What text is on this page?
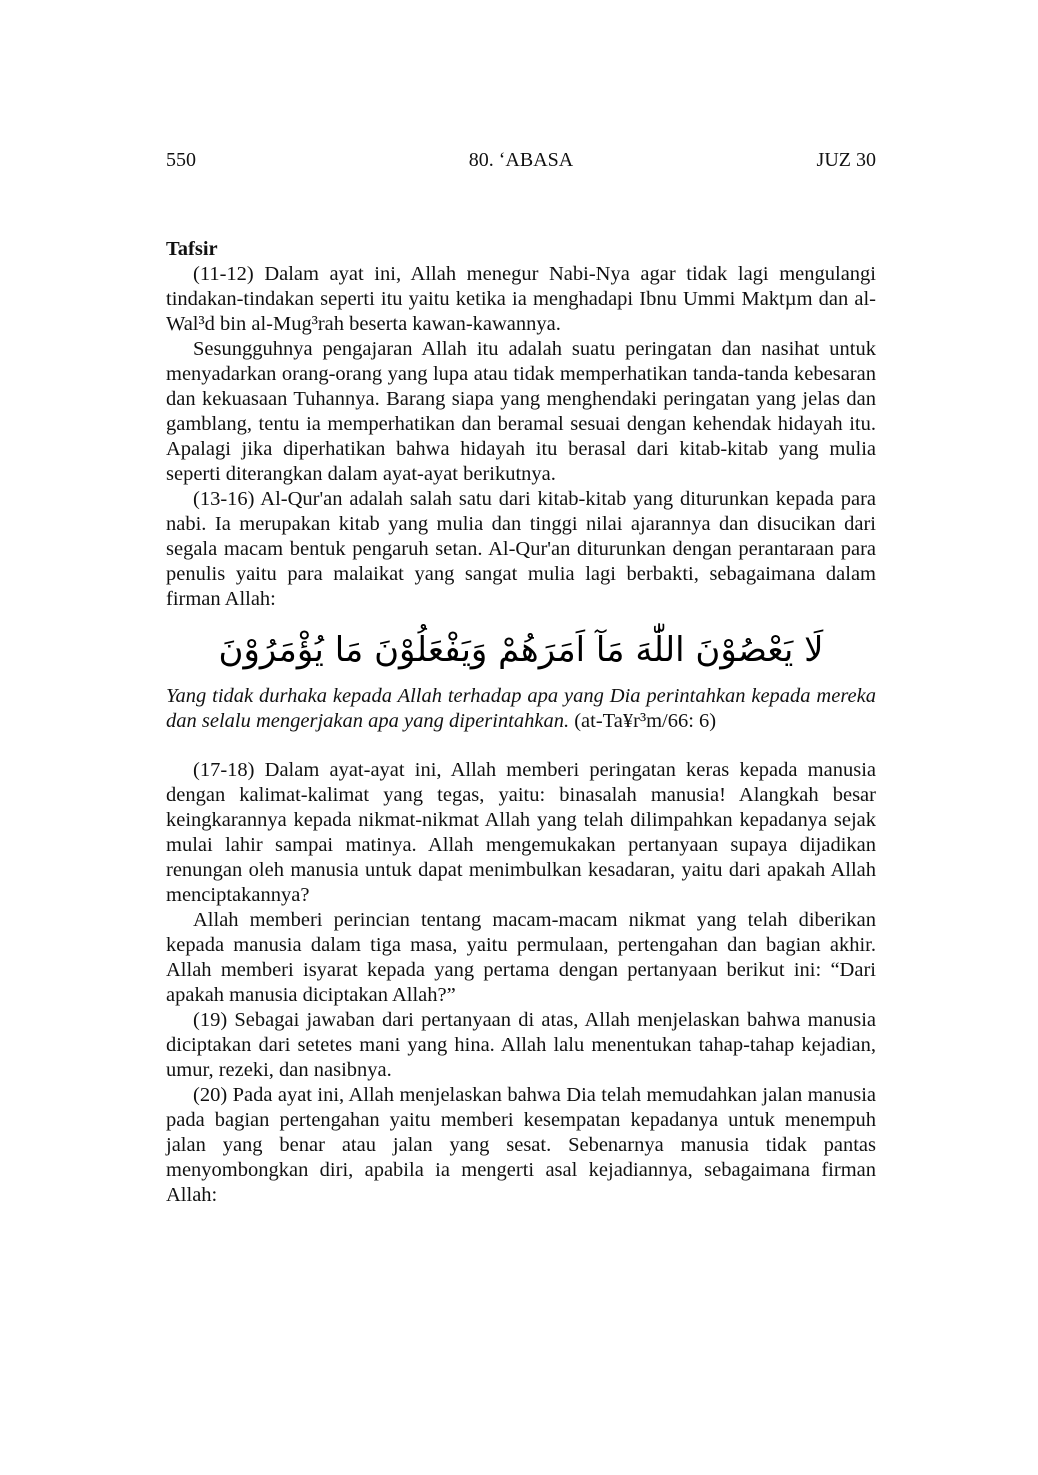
550	80. ‘ABASA	JUZ 30
Tafsir

(11-12) Dalam ayat ini, Allah menegur Nabi-Nya agar tidak lagi mengulangi tindakan-tindakan seperti itu yaitu ketika ia menghadapi Ibnu Ummi Maktµm dan al-Wal³d bin al-Mug³rah beserta kawan-kawannya.

Sesungguhnya pengajaran Allah itu adalah suatu peringatan dan nasihat untuk menyadarkan orang-orang yang lupa atau tidak memperhatikan tanda-tanda kebesaran dan kekuasaan Tuhannya. Barang siapa yang menghendaki peringatan yang jelas dan gamblang, tentu ia memperhatikan dan beramal sesuai dengan kehendak hidayah itu. Apalagi jika diperhatikan bahwa hidayah itu berasal dari kitab-kitab yang mulia seperti diterangkan dalam ayat-ayat berikutnya.

(13-16) Al-Qur'an adalah salah satu dari kitab-kitab yang diturunkan kepada para nabi. Ia merupakan kitab yang mulia dan tinggi nilai ajarannya dan disucikan dari segala macam bentuk pengaruh setan. Al-Qur'an diturunkan dengan perantaraan para penulis yaitu para malaikat yang sangat mulia lagi berbakti, sebagaimana dalam firman Allah:

لَا يَعْصُوْنَ اللّٰهَ مَآ اَمَرَهُمْ وَيَفْعَلُوْنَ مَا يُؤْمَرُوْنَ
Yang tidak durhaka kepada Allah terhadap apa yang Dia perintahkan kepada mereka dan selalu mengerjakan apa yang diperintahkan. (at-Ta¥r³m/66: 6)

(17-18) Dalam ayat-ayat ini, Allah memberi peringatan keras kepada manusia dengan kalimat-kalimat yang tegas, yaitu: binasalah manusia! Alangkah besar keingkarannya kepada nikmat-nikmat Allah yang telah dilimpahkan kepadanya sejak mulai lahir sampai matinya. Allah mengemukakan pertanyaan supaya dijadikan renungan oleh manusia untuk dapat menimbulkan kesadaran, yaitu dari apakah Allah menciptakannya?

Allah memberi perincian tentang macam-macam nikmat yang telah diberikan kepada manusia dalam tiga masa, yaitu permulaan, pertengahan dan bagian akhir. Allah memberi isyarat kepada yang pertama dengan pertanyaan berikut ini: “Dari apakah manusia diciptakan Allah?”

(19) Sebagai jawaban dari pertanyaan di atas, Allah menjelaskan bahwa manusia diciptakan dari setetes mani yang hina. Allah lalu menentukan tahap-tahap kejadian, umur, rezeki, dan nasibnya.

(20) Pada ayat ini, Allah menjelaskan bahwa Dia telah memudahkan jalan manusia pada bagian pertengahan yaitu memberi kesempatan kepadanya untuk menempuh jalan yang benar atau jalan yang sesat. Sebenarnya manusia tidak pantas menyombongkan diri, apabila ia mengerti asal kejadiannya, sebagaimana firman Allah:
